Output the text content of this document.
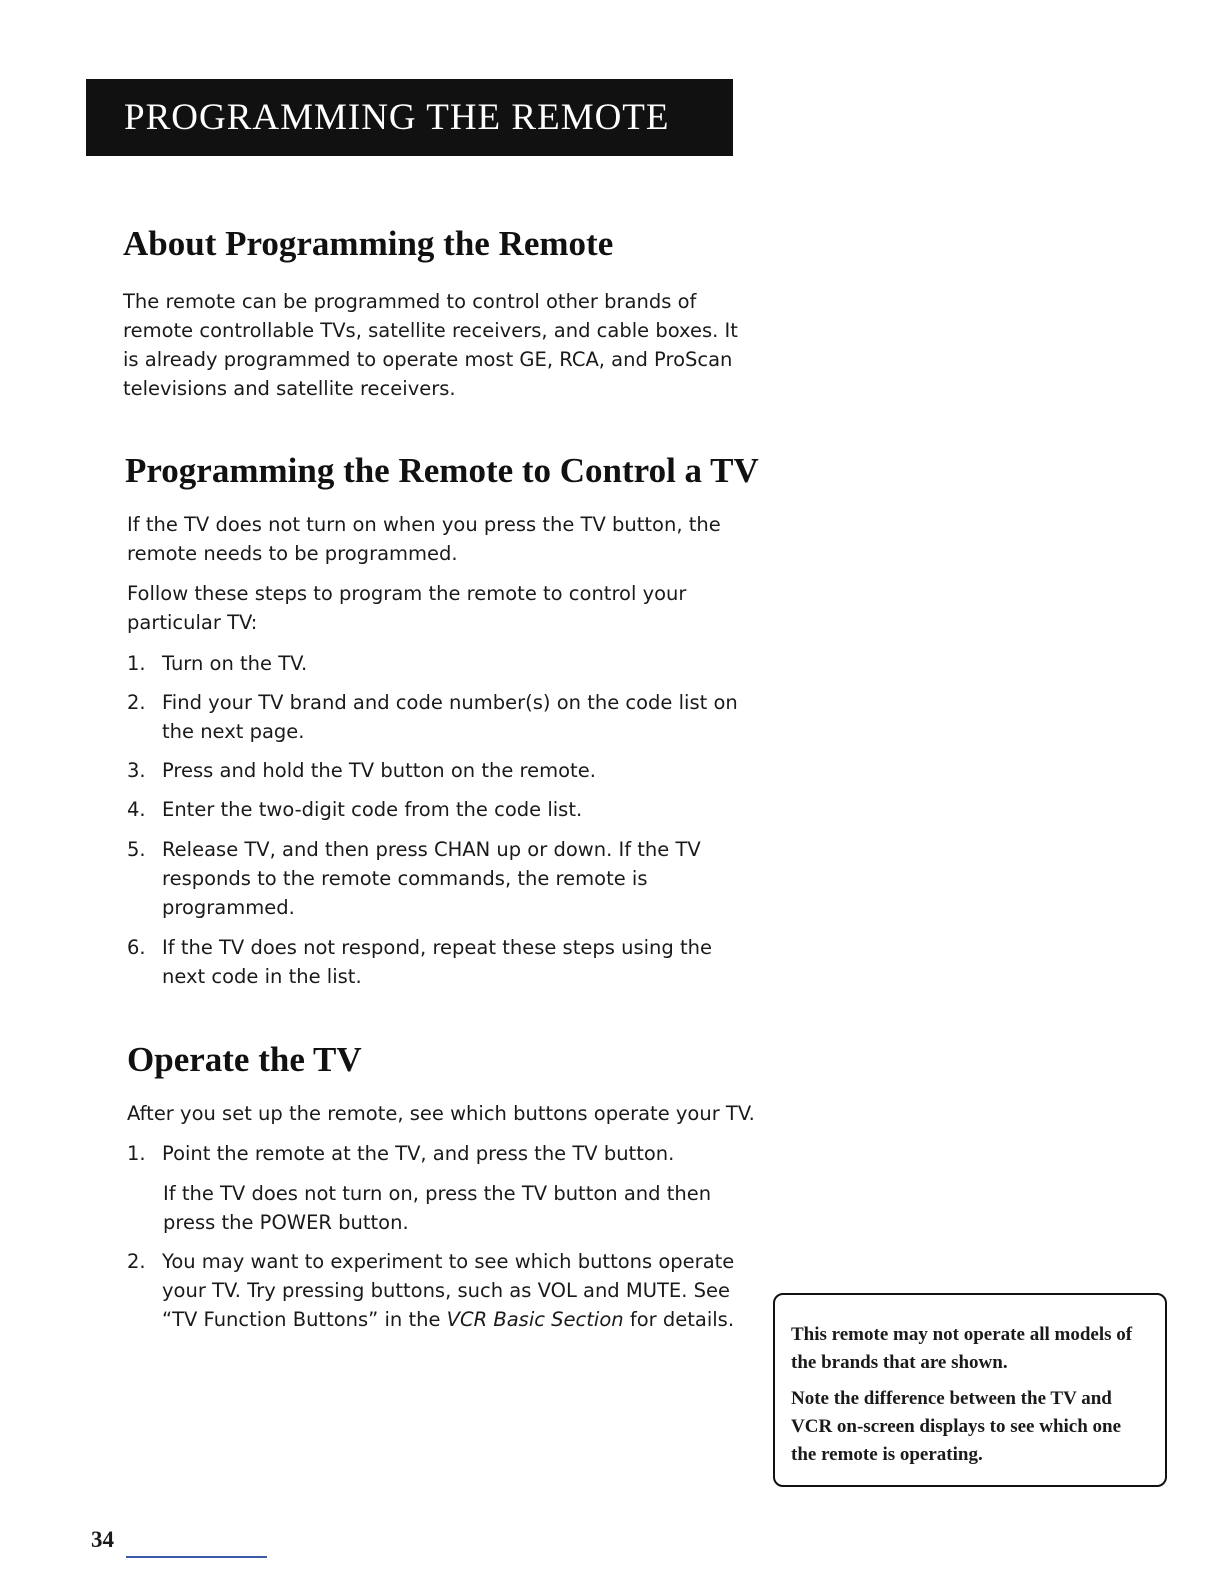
PROGRAMMING THE REMOTE
About Programming the Remote

The remote can be programmed to control other brands of remote controllable TVs, satellite receivers, and cable boxes. It is already programmed to operate most GE, RCA, and ProScan televisions and satellite receivers.

Programming the Remote to Control a TV

If the TV does not turn on when you press the TV button, the remote needs to be programmed.

Follow these steps to program the remote to control your particular TV:

1. Turn on the TV.
2. Find your TV brand and code number(s) on the code list on the next page.
3. Press and hold the TV button on the remote.
4. Enter the two-digit code from the code list.
5. Release TV, and then press CHAN up or down. If the TV responds to the remote commands, the remote is programmed.
6. If the TV does not respond, repeat these steps using the next code in the list.
Operate the TV

After you set up the remote, see which buttons operate your TV.

1. Point the remote at the TV, and press the TV button.

If the TV does not turn on, press the TV button and then press the POWER button.

2. You may want to experiment to see which buttons operate your TV. Try pressing buttons, such as VOL and MUTE. See “TV Function Buttons” in the VCR Basic Section for details.

This remote may not operate all models of the brands that are shown.

Note the difference between the TV and VCR on-screen displays to see which one the remote is operating.

34
